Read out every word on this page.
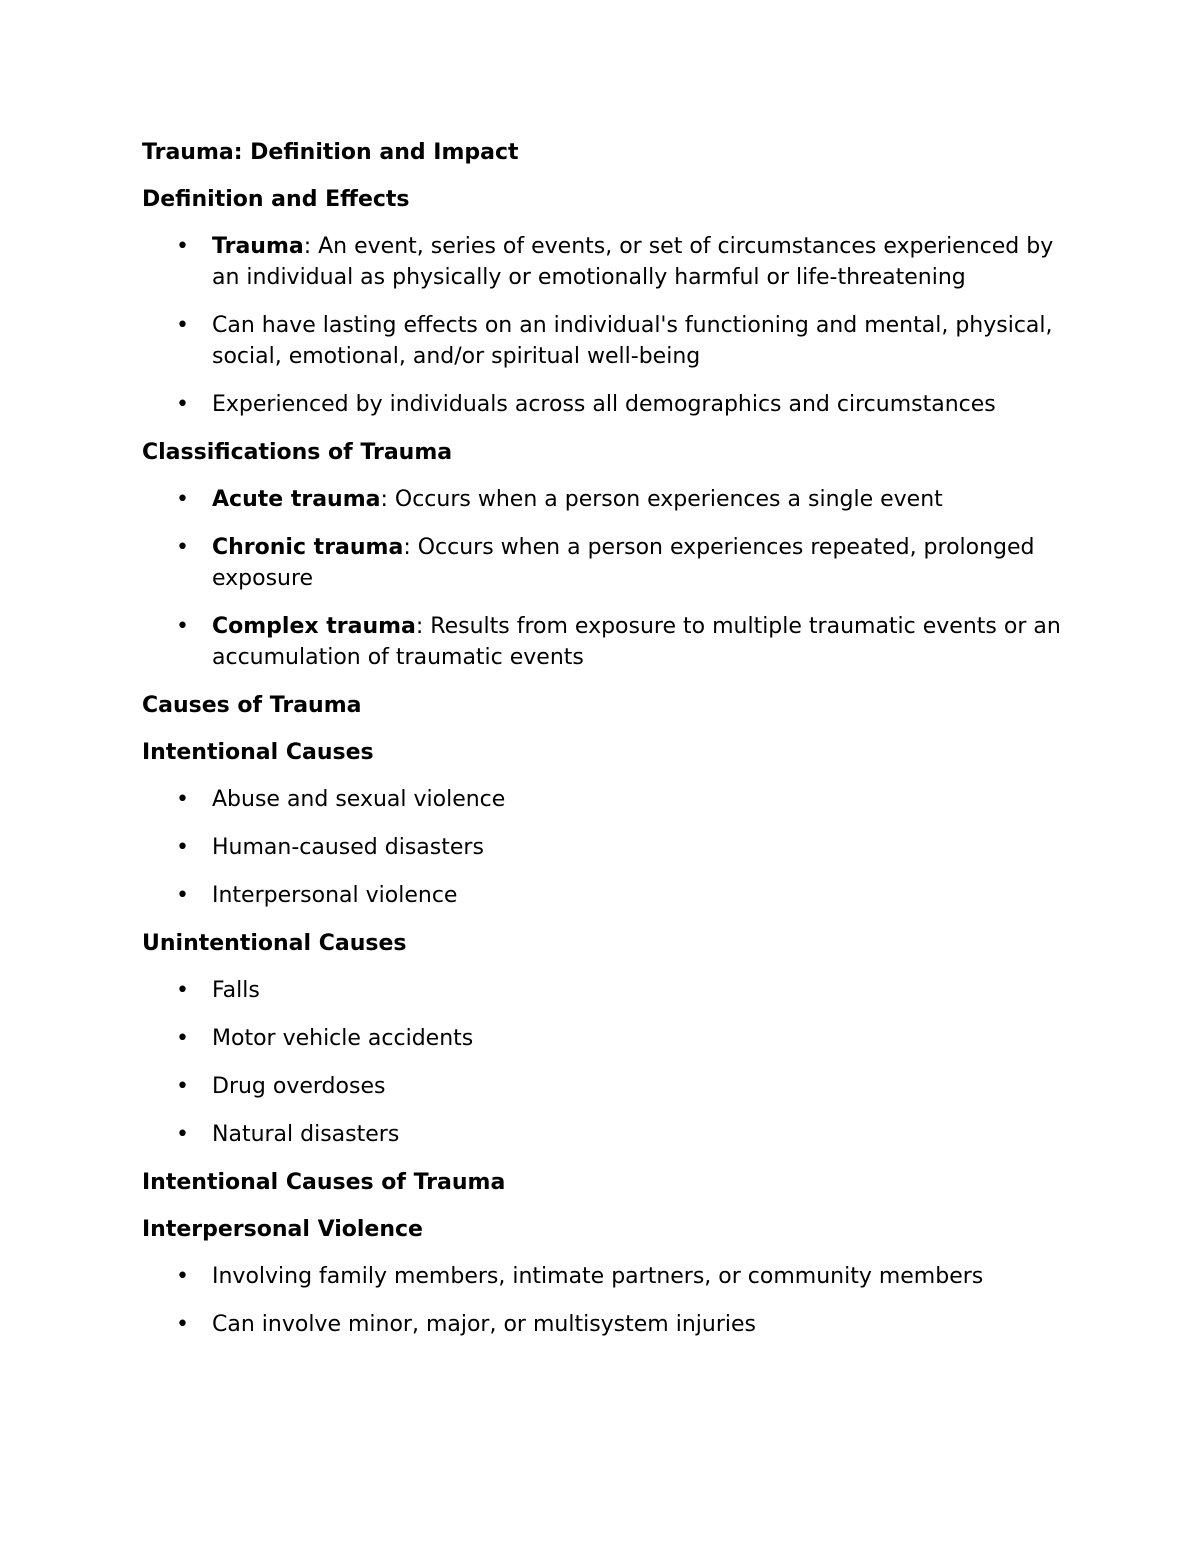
Trauma: Definition and Impact
Definition and Effects
• Trauma: An event, series of events, or set of circumstances experienced by an individual as physically or emotionally harmful or life-threatening
• Can have lasting effects on an individual's functioning and mental, physical, social, emotional, and/or spiritual well-being
• Experienced by individuals across all demographics and circumstances
Classifications of Trauma
• Acute trauma: Occurs when a person experiences a single event
• Chronic trauma: Occurs when a person experiences repeated, prolonged exposure
• Complex trauma: Results from exposure to multiple traumatic events or an accumulation of traumatic events
Causes of Trauma
Intentional Causes
• Abuse and sexual violence
• Human-caused disasters
• Interpersonal violence
Unintentional Causes
• Falls
• Motor vehicle accidents
• Drug overdoses
• Natural disasters
Intentional Causes of Trauma
Interpersonal Violence
• Involving family members, intimate partners, or community members
• Can involve minor, major, or multisystem injuries
